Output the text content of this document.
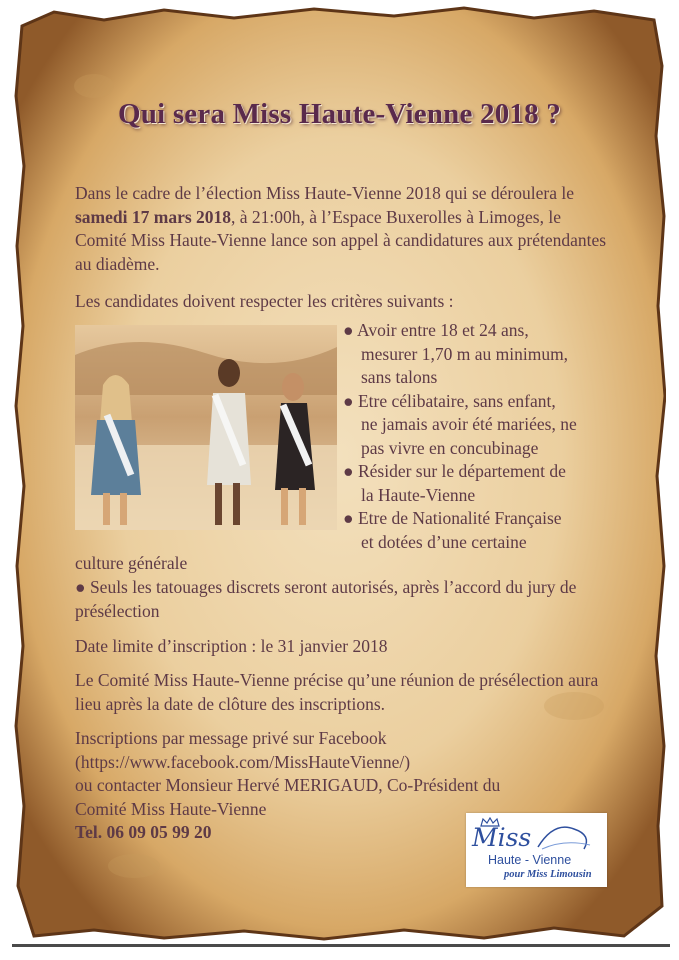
Qui sera Miss Haute-Vienne 2018 ?
Dans le cadre de l’élection Miss Haute-Vienne 2018 qui se déroulera le samedi 17 mars 2018, à 21:00h, à l’Espace Buxerolles à Limoges, le Comité Miss Haute-Vienne lance son appel à candidatures aux prétendantes au diadème.
Les candidates doivent respecter les critères suivants :
● Avoir entre 18 et 24 ans,
mesurer 1,70 m au minimum,
sans talons
● Etre célibataire, sans enfant,
ne jamais avoir été mariées, ne
pas vivre en concubinage
● Résider sur le département de
la Haute-Vienne
● Etre de Nationalité Française
et dotées d’une certaine
culture générale
● Seuls les tatouages discrets seront autorisés, après l’accord du jury de présélection
Date limite d’inscription : le 31 janvier 2018
Le Comité Miss Haute-Vienne précise qu’une réunion de présélection aura lieu après la date de clôture des inscriptions.
Inscriptions par message privé sur Facebook
(https://www.facebook.com/MissHauteVienne/)
ou contacter Monsieur Hervé MERIGAUD, Co-Président du
Comité Miss Haute-Vienne
Tel. 06 09 05 99 20	Miss
Haute - Vienne
pour Miss Limousin
